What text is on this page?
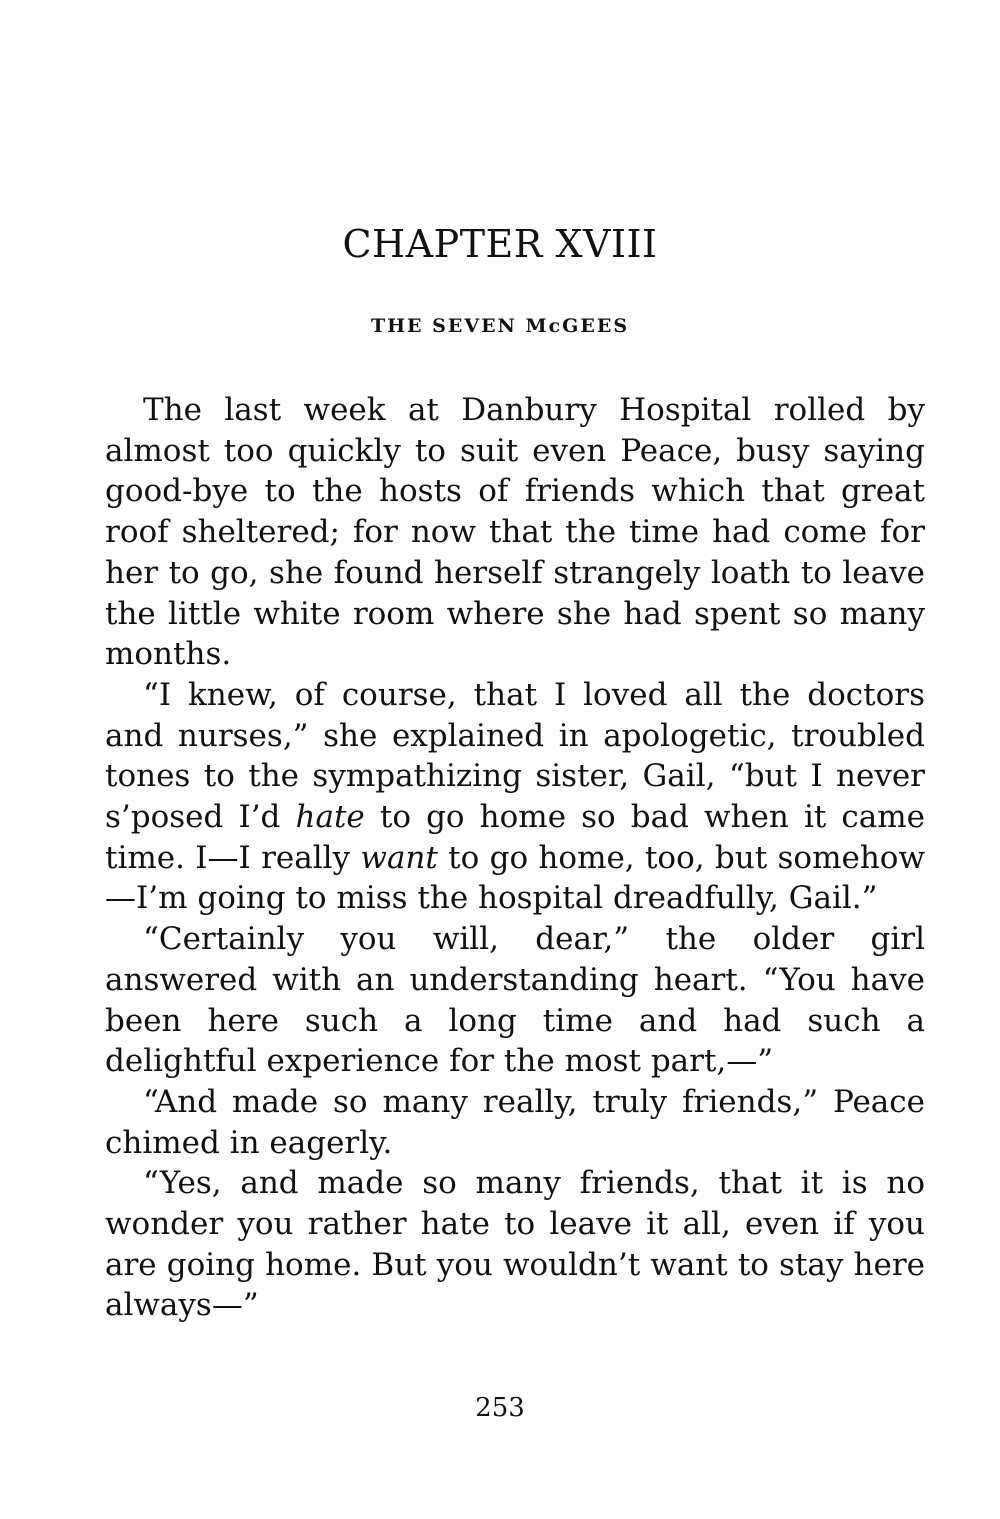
CHAPTER XVIII
THE SEVEN McGEES

The last week at Danbury Hospital rolled by almost too quickly to suit even Peace, busy saying good-bye to the hosts of friends which that great roof sheltered; for now that the time had come for her to go, she found herself strangely loath to leave the little white room where she had spent so many months.

“I knew, of course, that I loved all the doctors and nurses,” she explained in apologetic, troubled tones to the sympathizing sister, Gail, “but I never s’posed I’d hate to go home so bad when it came time. I—I really want to go home, too, but somehow—I’m going to miss the hospital dreadfully, Gail.”

“Certainly you will, dear,” the older girl answered with an understanding heart. “You have been here such a long time and had such a delightful experience for the most part,—”

“And made so many really, truly friends,” Peace chimed in eagerly.

“Yes, and made so many friends, that it is no wonder you rather hate to leave it all, even if you are going home. But you wouldn’t want to stay here always—”

253
